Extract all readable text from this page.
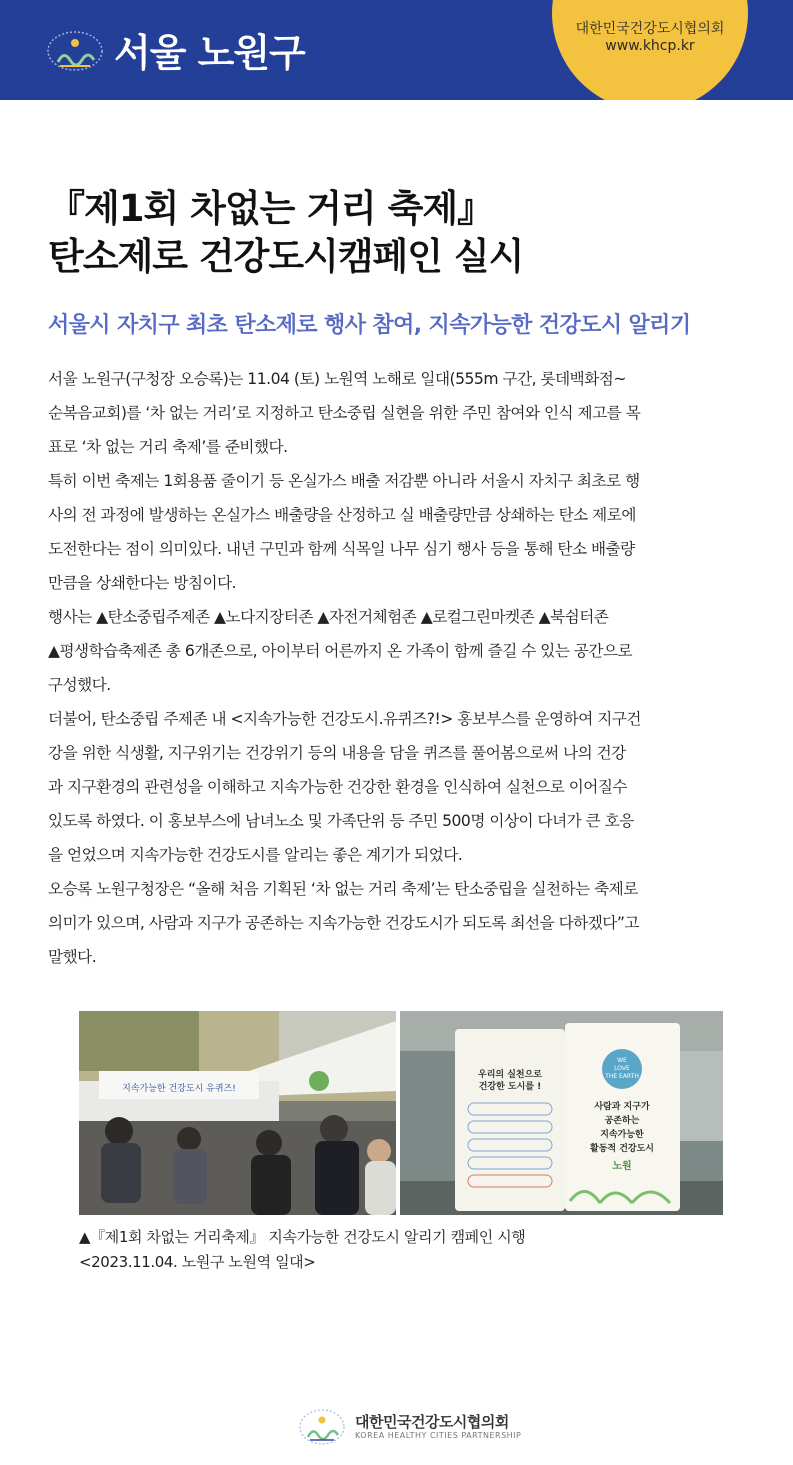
서울 노원구
대한민국건강도시협의회
www.khcp.kr
『제1회 차없는 거리 축제』
탄소제로 건강도시캠페인 실시
서울시 자치구 최초 탄소제로 행사 참여, 지속가능한 건강도시 알리기
서울 노원구(구청장 오승록)는 11.04 (토) 노원역 노해로 일대(555m 구간, 롯데백화점~
순복음교회)를 ‘차 없는 거리’로 지정하고 탄소중립 실현을 위한 주민 참여와 인식 제고를 목
표로 ‘차 없는 거리 축제’를 준비했다.
특히 이번 축제는 1회용품 줄이기 등 온실가스 배출 저감뿐 아니라 서울시 자치구 최초로 행
사의 전 과정에 발생하는 온실가스 배출량을 산정하고 실 배출량만큼 상쇄하는 탄소 제로에
도전한다는 점이 의미있다. 내년 구민과 함께 식목일 나무 심기 행사 등을 통해 탄소 배출량
만큼을 상쇄한다는 방침이다.
행사는 ▲탄소중립주제존 ▲노다지장터존 ▲자전거체험존 ▲로컬그린마켓존 ▲북쉼터존
▲평생학습축제존 총 6개존으로, 아이부터 어른까지 온 가족이 함께 즐길 수 있는 공간으로
구성했다.
더불어, 탄소중립 주제존 내 <지속가능한 건강도시.유퀴즈?!> 홍보부스를 운영하여 지구건
강을 위한 식생활, 지구위기는 건강위기 등의 내용을 담을 퀴즈를 풀어봄으로써 나의 건강
과 지구환경의 관련성을 이해하고 지속가능한 건강한 환경을 인식하여 실천으로 이어질수
있도록 하였다. 이 홍보부스에 남녀노소 및 가족단위 등 주민 500명 이상이 다녀가 큰 호응
을 얻었으며 지속가능한 건강도시를 알리는 좋은 계기가 되었다.
오승록 노원구청장은 “올해 처음 기획된 ‘차 없는 거리 축제’는 탄소중립을 실천하는 축제로
의미가 있으며, 사람과 지구가 공존하는 지속가능한 건강도시가 되도록 최선을 다하겠다”고
말했다.
지속가능한 건강도시 유퀴즈!
우리의 실천으로
건강한 도시를 !
WE
LOVE
THE EARTH
사람과 지구가
공존하는
지속가능한
활동적 건강도시
노원
▲『제1회 차없는 거리축제』 지속가능한 건강도시 알리기 캠페인 시행
<2023.11.04. 노원구 노원역 일대>
대한민국건강도시협의회
KOREA HEALTHY CITIES PARTNERSHIP
